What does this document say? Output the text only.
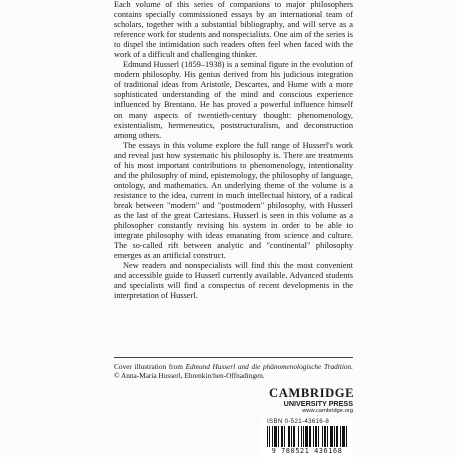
Each volume of this series of companions to major philosophers contains specially commissioned essays by an international team of scholars, together with a substantial bibliography, and will serve as a reference work for students and nonspecialists. One aim of the series is to dispel the intimidation such readers often feel when faced with the work of a difficult and challenging thinker.

Edmund Husserl (1859–1938) is a seminal figure in the evolution of modern philosophy. His genius derived from his judicious integration of traditional ideas from Aristotle, Descartes, and Hume with a more sophisticated understanding of the mind and conscious experience influenced by Brentano. He has proved a powerful influence himself on many aspects of twentieth-century thought: phenomenology, existentialism, hermeneutics, poststructuralism, and deconstruction among others.

The essays in this volume explore the full range of Husserl's work and reveal just how systematic his philosophy is. There are treatments of his most important contributions to phenomenology, intentionality and the philosophy of mind, epistemology, the philosophy of language, ontology, and mathematics. An underlying theme of the volume is a resistance to the idea, current in much intellectual history, of a radical break between "modern" and "postmodern" philosophy, with Husserl as the last of the great Cartesians. Husserl is seen in this volume as a philosopher constantly revising his system in order to be able to integrate philosophy with ideas emanating from science and culture. The so-called rift between analytic and "continental" philosophy emerges as an artificial construct.

New readers and nonspecialists will find this the most convenient and accessible guide to Husserl currently available. Advanced students and specialists will find a conspectus of recent developments in the interpretation of Husserl.

Cover illustration from Edmund Husserl und die phänomenologische Tradition. © Anna-Maria Husserl, Ehrenkirchen-Offnadingen.
CAMBRIDGE
UNIVERSITY PRESS
www.cambridge.org
ISBN 0-521-43616-8
9 780521 436168
